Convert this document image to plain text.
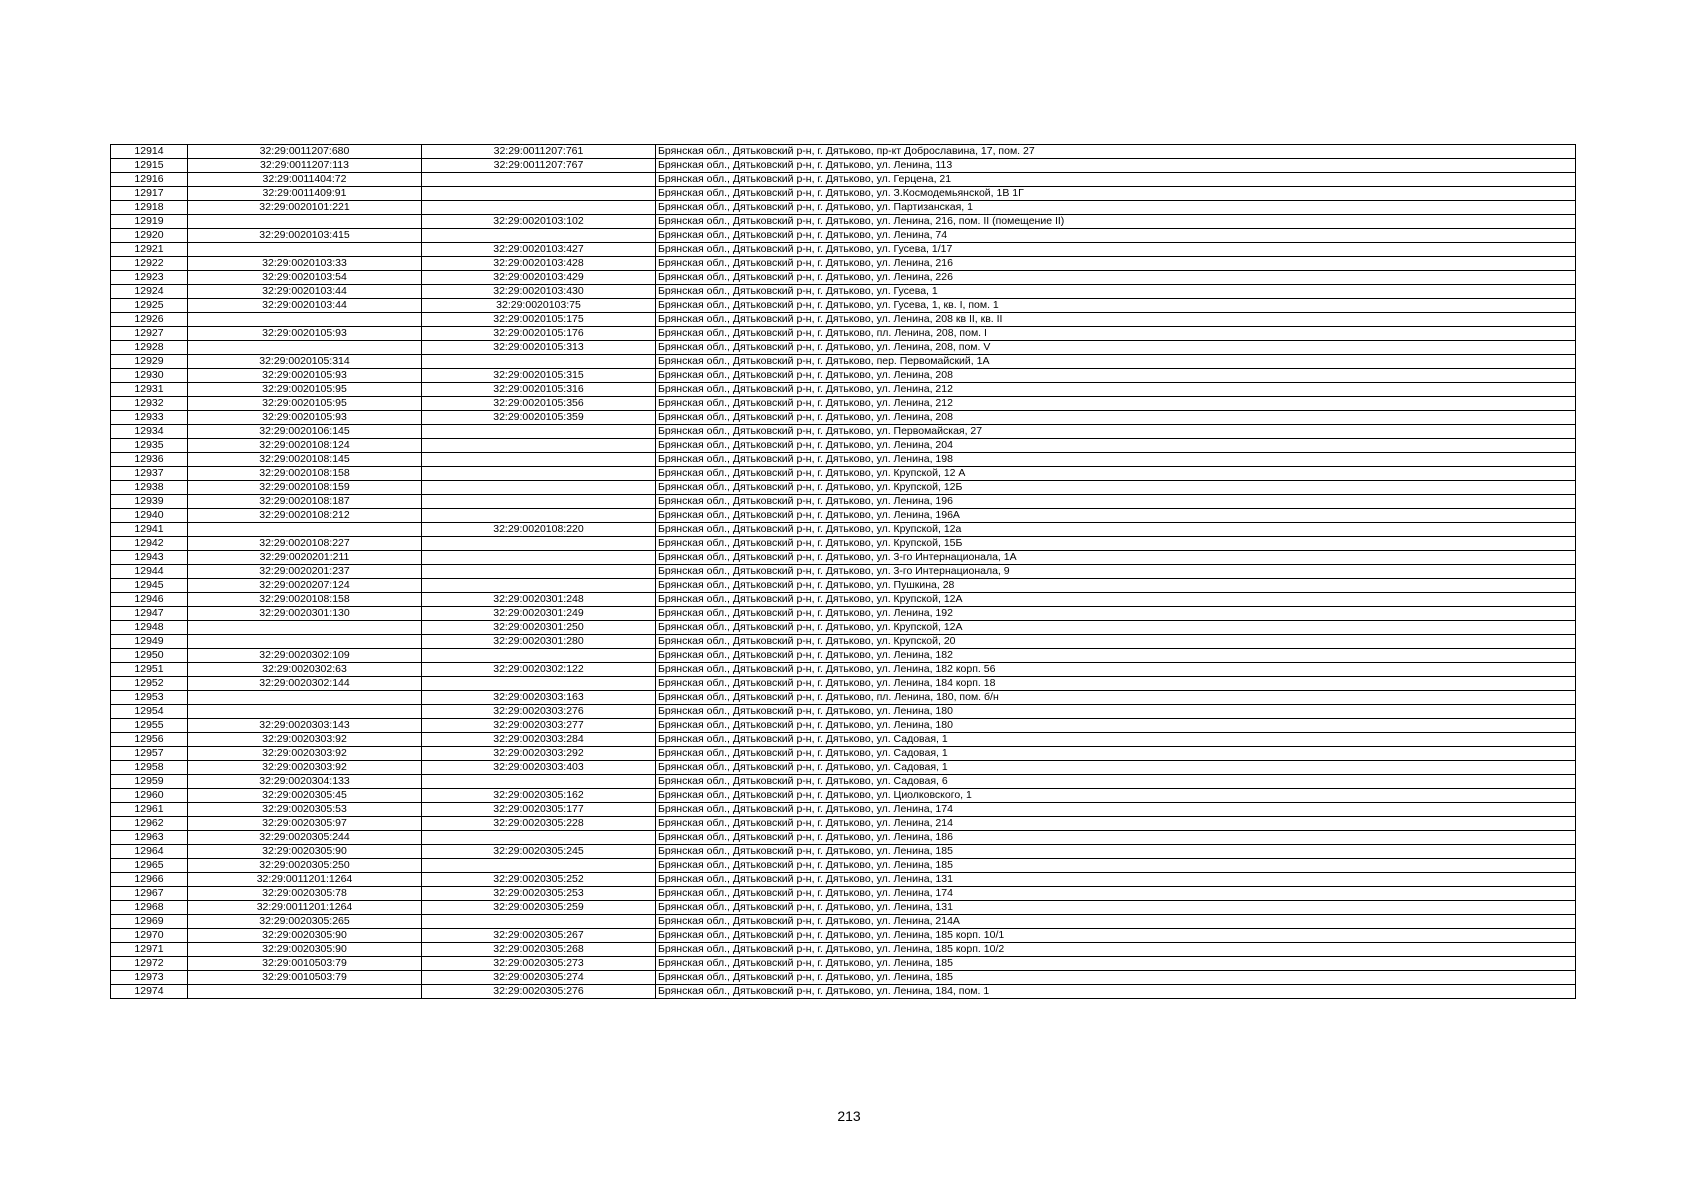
12914	32:29:0011207:680	32:29:0011207:761	Брянская обл., Дятьковский р-н, г. Дятьково, пр-кт Доброславина, 17, пом. 27
12915	32:29:0011207:113	32:29:0011207:767	Брянская обл., Дятьковский р-н, г. Дятьково, ул. Ленина, 113
12916	32:29:0011404:72		Брянская обл., Дятьковский р-н, г. Дятьково, ул. Герцена, 21
12917	32:29:0011409:91		Брянская обл., Дятьковский р-н, г. Дятьково, ул. З.Космодемьянской, 1В 1Г
12918	32:29:0020101:221		Брянская обл., Дятьковский р-н, г. Дятьково, ул. Партизанская, 1
12919		32:29:0020103:102	Брянская обл., Дятьковский р-н, г. Дятьково, ул. Ленина, 216, пом. II (помещение II)
12920	32:29:0020103:415		Брянская обл., Дятьковский р-н, г. Дятьково, ул. Ленина, 74
12921		32:29:0020103:427	Брянская обл., Дятьковский р-н, г. Дятьково, ул. Гусева, 1/17
12922	32:29:0020103:33	32:29:0020103:428	Брянская обл., Дятьковский р-н, г. Дятьково, ул. Ленина, 216
12923	32:29:0020103:54	32:29:0020103:429	Брянская обл., Дятьковский р-н, г. Дятьково, ул. Ленина, 226
12924	32:29:0020103:44	32:29:0020103:430	Брянская обл., Дятьковский р-н, г. Дятьково, ул. Гусева, 1
12925	32:29:0020103:44	32:29:0020103:75	Брянская обл., Дятьковский р-н, г. Дятьково, ул. Гусева, 1, кв. I, пом. 1
12926		32:29:0020105:175	Брянская обл., Дятьковский р-н, г. Дятьково, ул. Ленина, 208 кв II, кв. II
12927	32:29:0020105:93	32:29:0020105:176	Брянская обл., Дятьковский р-н, г. Дятьково, пл. Ленина, 208, пом. I
12928		32:29:0020105:313	Брянская обл., Дятьковский р-н, г. Дятьково, ул. Ленина, 208, пом. V
12929	32:29:0020105:314		Брянская обл., Дятьковский р-н, г. Дятьково, пер. Первомайский, 1А
12930	32:29:0020105:93	32:29:0020105:315	Брянская обл., Дятьковский р-н, г. Дятьково, ул. Ленина, 208
12931	32:29:0020105:95	32:29:0020105:316	Брянская обл., Дятьковский р-н, г. Дятьково, ул. Ленина, 212
12932	32:29:0020105:95	32:29:0020105:356	Брянская обл., Дятьковский р-н, г. Дятьково, ул. Ленина, 212
12933	32:29:0020105:93	32:29:0020105:359	Брянская обл., Дятьковский р-н, г. Дятьково, ул. Ленина, 208
12934	32:29:0020106:145		Брянская обл., Дятьковский р-н, г. Дятьково, ул. Первомайская, 27
12935	32:29:0020108:124		Брянская обл., Дятьковский р-н, г. Дятьково, ул. Ленина, 204
12936	32:29:0020108:145		Брянская обл., Дятьковский р-н, г. Дятьково, ул. Ленина, 198
12937	32:29:0020108:158		Брянская обл., Дятьковский р-н, г. Дятьково, ул. Крупской, 12 А
12938	32:29:0020108:159		Брянская обл., Дятьковский р-н, г. Дятьково, ул. Крупской, 12Б
12939	32:29:0020108:187		Брянская обл., Дятьковский р-н, г. Дятьково, ул. Ленина, 196
12940	32:29:0020108:212		Брянская обл., Дятьковский р-н, г. Дятьково, ул. Ленина, 196А
12941		32:29:0020108:220	Брянская обл., Дятьковский р-н, г. Дятьково, ул. Крупской, 12а
12942	32:29:0020108:227		Брянская обл., Дятьковский р-н, г. Дятьково, ул. Крупской, 15Б
12943	32:29:0020201:211		Брянская обл., Дятьковский р-н, г. Дятьково, ул. 3-го Интернационала, 1А
12944	32:29:0020201:237		Брянская обл., Дятьковский р-н, г. Дятьково, ул. 3-го Интернационала, 9
12945	32:29:0020207:124		Брянская обл., Дятьковский р-н, г. Дятьково, ул. Пушкина, 28
12946	32:29:0020108:158	32:29:0020301:248	Брянская обл., Дятьковский р-н, г. Дятьково, ул. Крупской, 12А
12947	32:29:0020301:130	32:29:0020301:249	Брянская обл., Дятьковский р-н, г. Дятьково, ул. Ленина, 192
12948		32:29:0020301:250	Брянская обл., Дятьковский р-н, г. Дятьково, ул. Крупской, 12А
12949		32:29:0020301:280	Брянская обл., Дятьковский р-н, г. Дятьково, ул. Крупской, 20
12950	32:29:0020302:109		Брянская обл., Дятьковский р-н, г. Дятьково, ул. Ленина, 182
12951	32:29:0020302:63	32:29:0020302:122	Брянская обл., Дятьковский р-н, г. Дятьково, ул. Ленина, 182 корп. 56
12952	32:29:0020302:144		Брянская обл., Дятьковский р-н, г. Дятьково, ул. Ленина, 184 корп. 18
12953		32:29:0020303:163	Брянская обл., Дятьковский р-н, г. Дятьково, пл. Ленина, 180, пом. б/н
12954		32:29:0020303:276	Брянская обл., Дятьковский р-н, г. Дятьково, ул. Ленина, 180
12955	32:29:0020303:143	32:29:0020303:277	Брянская обл., Дятьковский р-н, г. Дятьково, ул. Ленина, 180
12956	32:29:0020303:92	32:29:0020303:284	Брянская обл., Дятьковский р-н, г. Дятьково, ул. Садовая, 1
12957	32:29:0020303:92	32:29:0020303:292	Брянская обл., Дятьковский р-н, г. Дятьково, ул. Садовая, 1
12958	32:29:0020303:92	32:29:0020303:403	Брянская обл., Дятьковский р-н, г. Дятьково, ул. Садовая, 1
12959	32:29:0020304:133		Брянская обл., Дятьковский р-н, г. Дятьково, ул. Садовая, 6
12960	32:29:0020305:45	32:29:0020305:162	Брянская обл., Дятьковский р-н, г. Дятьково, ул. Циолковского, 1
12961	32:29:0020305:53	32:29:0020305:177	Брянская обл., Дятьковский р-н, г. Дятьково, ул. Ленина, 174
12962	32:29:0020305:97	32:29:0020305:228	Брянская обл., Дятьковский р-н, г. Дятьково, ул. Ленина, 214
12963	32:29:0020305:244		Брянская обл., Дятьковский р-н, г. Дятьково, ул. Ленина, 186
12964	32:29:0020305:90	32:29:0020305:245	Брянская обл., Дятьковский р-н, г. Дятьково, ул. Ленина, 185
12965	32:29:0020305:250		Брянская обл., Дятьковский р-н, г. Дятьково, ул. Ленина, 185
12966	32:29:0011201:1264	32:29:0020305:252	Брянская обл., Дятьковский р-н, г. Дятьково, ул. Ленина, 131
12967	32:29:0020305:78	32:29:0020305:253	Брянская обл., Дятьковский р-н, г. Дятьково, ул. Ленина, 174
12968	32:29:0011201:1264	32:29:0020305:259	Брянская обл., Дятьковский р-н, г. Дятьково, ул. Ленина, 131
12969	32:29:0020305:265		Брянская обл., Дятьковский р-н, г. Дятьково, ул. Ленина, 214А
12970	32:29:0020305:90	32:29:0020305:267	Брянская обл., Дятьковский р-н, г. Дятьково, ул. Ленина, 185 корп. 10/1
12971	32:29:0020305:90	32:29:0020305:268	Брянская обл., Дятьковский р-н, г. Дятьково, ул. Ленина, 185 корп. 10/2
12972	32:29:0010503:79	32:29:0020305:273	Брянская обл., Дятьковский р-н, г. Дятьково, ул. Ленина, 185
12973	32:29:0010503:79	32:29:0020305:274	Брянская обл., Дятьковский р-н, г. Дятьково, ул. Ленина, 185
12974		32:29:0020305:276	Брянская обл., Дятьковский р-н, г. Дятьково, ул. Ленина, 184, пом. 1
213
